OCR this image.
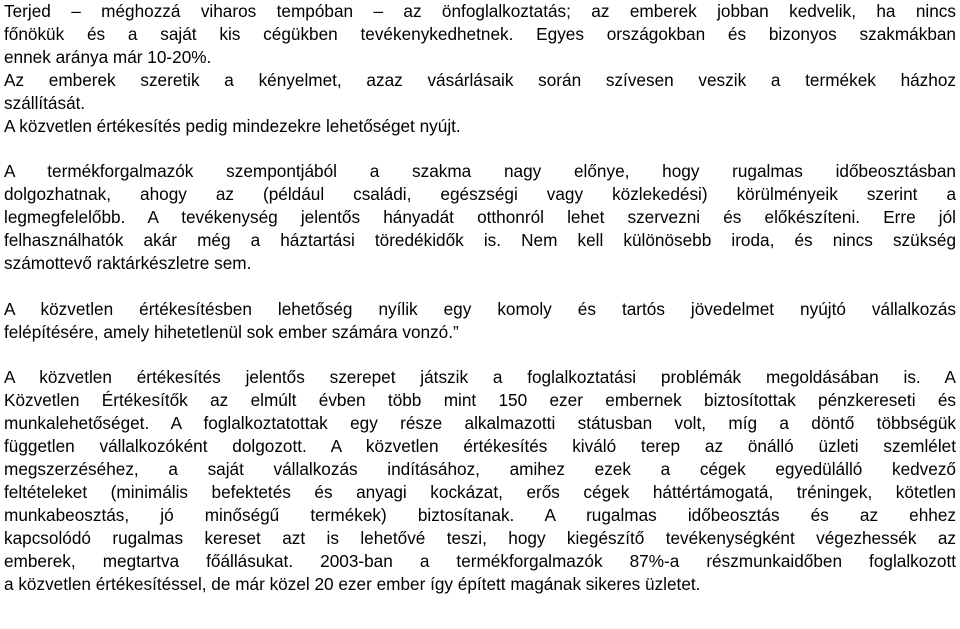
Terjed – méghozzá viharos tempóban – az önfoglalkoztatás; az emberek jobban kedvelik, ha nincs
főnökük és a saját kis cégükben tevékenykedhetnek. Egyes országokban és bizonyos szakmákban
ennek aránya már 10-20%.
Az emberek szeretik a kényelmet, azaz vásárlásaik során szívesen veszik a termékek házhoz
szállítását.
A közvetlen értékesítés pedig mindezekre lehetőséget nyújt.
A termékforgalmazók szempontjából a szakma nagy előnye, hogy rugalmas időbeosztásban
dolgozhatnak, ahogy az (például családi, egészségi vagy közlekedési) körülményeik szerint a
legmegfelelőbb. A tevékenység jelentős hányadát otthonról lehet szervezni és előkészíteni. Erre jól
felhasználhatók akár még a háztartási töredékidők is. Nem kell különösebb iroda, és nincs szükség
számottevő raktárkészletre sem.
A közvetlen értékesítésben lehetőség nyílik egy komoly és tartós jövedelmet nyújtó vállalkozás
felépítésére, amely hihetetlenül sok ember számára vonzó.”
A közvetlen értékesítés jelentős szerepet játszik a foglalkoztatási problémák megoldásában is. A
Közvetlen Értékesítők az elmúlt évben több mint 150 ezer embernek biztosítottak pénzkereseti és
munkalehetőséget. A foglalkoztatottak egy része alkalmazotti státusban volt, míg a döntő többségük
független vállalkozóként dolgozott. A közvetlen értékesítés kiváló terep az önálló üzleti szemlélet
megszerzéséhez, a saját vállalkozás indításához, amihez ezek a cégek egyedülálló kedvező
feltételeket (minimális befektetés és anyagi kockázat, erős cégek háttértámogatá, tréningek, kötetlen
munkabeosztás, jó minőségű termékek) biztosítanak. A rugalmas időbeosztás és az ehhez
kapcsolódó rugalmas kereset azt is lehetővé teszi, hogy kiegészítő tevékenységként végezhessék az
emberek, megtartva főállásukat. 2003-ban a termékforgalmazók 87%-a részmunkaidőben foglalkozott
a közvetlen értékesítéssel, de már közel 20 ezer ember így épített magának sikeres üzletet.
